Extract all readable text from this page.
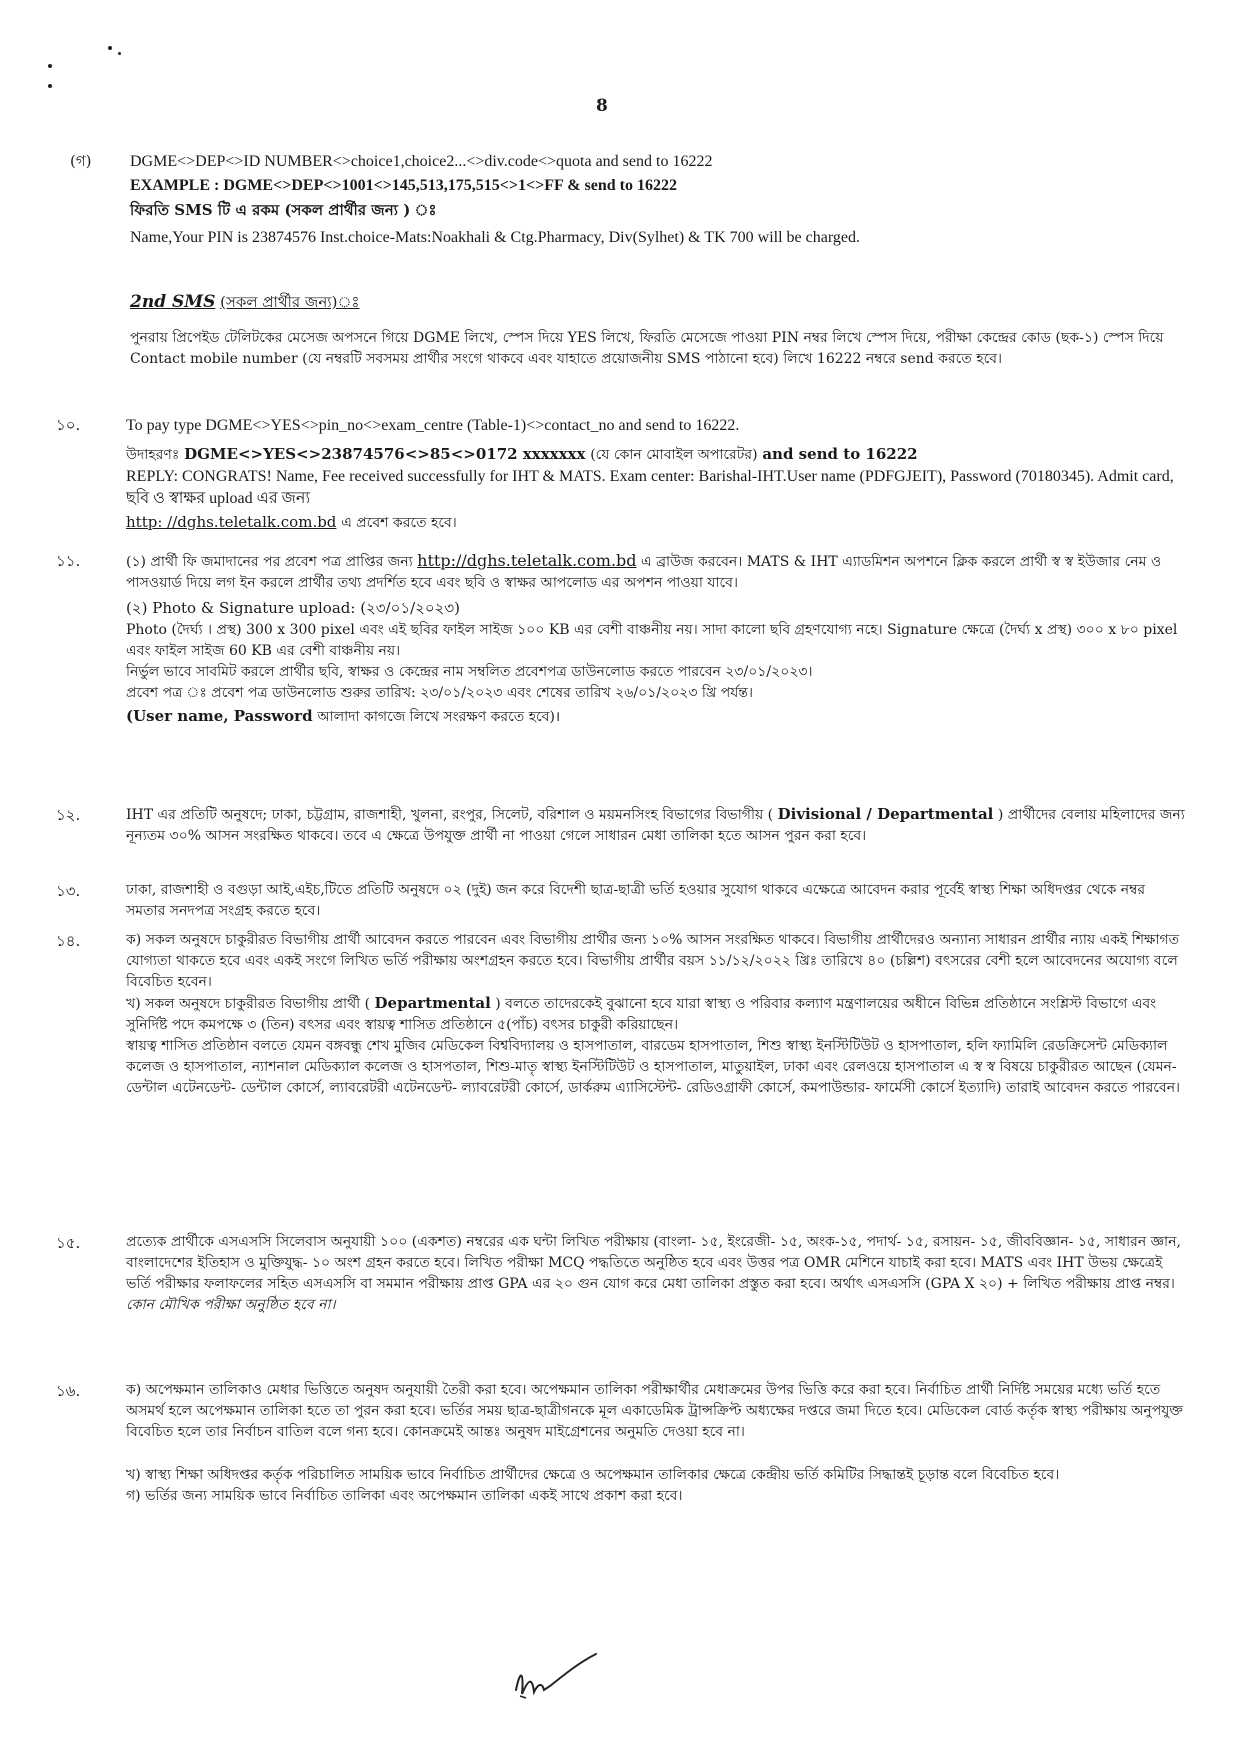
8
(গ) DGME<>DEP<>ID NUMBER<>choice1,choice2...<>div.code<>quota and send to 16222

EXAMPLE : DGME<>DEP<>1001<>145,513,175,515<>1<>FF & send to 16222

ফিরতি SMS টি এ রকম (সকল প্রার্থীর জন্য ) ঃ

Name,Your PIN is 23874576 Inst.choice-Mats:Noakhali & Ctg.Pharmacy, Div(Sylhet) & TK 700 will be charged.

2nd SMS (সকল প্রার্থীর জন্য)ঃ

পুনরায় প্রিপেইড টেলিটকের মেসেজ অপসনে গিয়ে DGME লিখে, স্পেস দিয়ে YES লিখে, ফিরতি মেসেজে পাওয়া PIN নম্বর লিখে স্পেস দিয়ে, পরীক্ষা কেন্দ্রের কোড (ছক-১) স্পেস দিয়ে Contact mobile number (যে নম্বরটি সবসময় প্রার্থীর সংগে থাকবে এবং যাহাতে প্রয়োজনীয় SMS পাঠানো হবে) লিখে 16222 নম্বরে send করতে হবে।

১০.	To pay type DGME<>YES<>pin_no<>exam_centre (Table-1)<>contact_no and send to 16222.

উদাহরণঃ DGME<>YES<>23874576<>85<>0172 xxxxxxx (যে কোন মোবাইল অপারেটর) and send to 16222

REPLY: CONGRATS! Name, Fee received successfully for IHT & MATS. Exam center: Barishal-IHT.User name (PDFGJEIT), Password (70180345). Admit card, ছবি ও স্বাক্ষর upload এর জন্য

http: //dghs.teletalk.com.bd এ প্রবেশ করতে হবে।

১১.	(১) প্রার্থী ফি জমাদানের পর প্রবেশ পত্র প্রাপ্তির জন্য http://dghs.teletalk.com.bd এ ব্রাউজ করবেন। MATS & IHT এ্যাডমিশন অপশনে ক্লিক করলে প্রার্থী স্ব স্ব ইউজার নেম ও পাসওয়ার্ড দিয়ে লগ ইন করলে প্রার্থীর তথ্য প্রদর্শিত হবে এবং ছবি ও স্বাক্ষর আপলোড এর অপশন পাওয়া যাবে।

(২) Photo & Signature upload: (২৩/০১/২০২৩)

Photo (দৈর্ঘ্য । প্রস্থ) 300 x 300 pixel এবং এই ছবির ফাইল সাইজ ১০০ KB এর বেশী বাঞ্চনীয় নয়। সাদা কালো ছবি গ্রহণযোগ্য নহে। Signature ক্ষেত্রে (দৈর্ঘ্য x প্রস্থ) ৩০০ x ৮০ pixel এবং ফাইল সাইজ 60 KB এর বেশী বাঞ্চনীয় নয়।

নির্ভুল ভাবে সাবমিট করলে প্রার্থীর ছবি, স্বাক্ষর ও কেন্দ্রের নাম সম্বলিত প্রবেশপত্র ডাউনলোড করতে পারবেন ২৩/০১/২০২৩।

প্রবেশ পত্র ঃ প্রবেশ পত্র ডাউনলোড শুরুর তারিখ: ২৩/০১/২০২৩ এবং শেষের তারিখ ২৬/০১/২০২৩ খ্রি পর্যন্ত।

(User name, Password আলাদা কাগজে লিখে সংরক্ষণ করতে হবে)।

১২.	IHT এর প্রতিটি অনুষদে; ঢাকা, চট্টগ্রাম, রাজশাহী, খুলনা, রংপুর, সিলেট, বরিশাল ও ময়মনসিংহ বিভাগের বিভাগীয় ( Divisional / Departmental ) প্রার্থীদের বেলায় মহিলাদের জন্য নূন্যতম ৩০% আসন সংরক্ষিত থাকবে। তবে এ ক্ষেত্রে উপযুক্ত প্রার্থী না পাওয়া গেলে সাধারন মেধা তালিকা হতে আসন পুরন করা হবে।

১৩.	ঢাকা, রাজশাহী ও বগুড়া আই,এইচ,টিতে প্রতিটি অনুষদে ০২ (দুই) জন করে বিদেশী ছাত্র-ছাত্রী ভর্তি হওয়ার সুযোগ থাকবে এক্ষেত্রে আবেদন করার পূর্বেই স্বাস্থ্য শিক্ষা অধিদপ্তর থেকে নম্বর সমতার সনদপত্র সংগ্রহ করতে হবে।

১৪.	ক) সকল অনুষদে চাকুরীরত বিভাগীয় প্রার্থী আবেদন করতে পারবেন এবং বিভাগীয় প্রার্থীর জন্য ১০% আসন সংরক্ষিত থাকবে। বিভাগীয় প্রার্থীদেরও অন্যান্য সাধারন প্রার্থীর ন্যায় একই শিক্ষাগত যোগ্যতা থাকতে হবে এবং একই সংগে লিখিত ভর্তি পরীক্ষায় অংশগ্রহন করতে হবে। বিভাগীয় প্রার্থীর বয়স ১১/১২/২০২২ খ্রিঃ তারিখে ৪০ (চল্লিশ) বৎসরের বেশী হলে আবেদনের অযোগ্য বলে বিবেচিত হবেন।

খ) সকল অনুষদে চাকুরীরত বিভাগীয় প্রার্থী ( Departmental ) বলতে তাদেরকেই বুঝানো হবে যারা স্বাস্থ্য ও পরিবার কল্যাণ মন্ত্রণালয়ের অধীনে বিভিন্ন প্রতিষ্ঠানে সংশ্লিস্ট বিভাগে এবং সুনির্দিষ্ট পদে কমপক্ষে ৩ (তিন) বৎসর এবং স্বায়ত্ব শাসিত প্রতিষ্ঠানে ৫(পাঁচ) বৎসর চাকুরী করিয়াছেন।

স্বায়ত্ব শাসিত প্রতিষ্ঠান বলতে যেমন বঙ্গবন্ধু শেখ মুজিব মেডিকেল বিশ্ববিদ্যালয় ও হাসপাতাল, বারডেম হাসপাতাল, শিশু স্বাস্থ্য ইনস্টিটিউট ও হাসপাতাল, হলি ফ্যামিলি রেডক্রিসেন্ট মেডিক্যাল কলেজ ও হাসপাতাল, ন্যাশনাল মেডিক্যাল কলেজ ও হাসপতাল, শিশু-মাতৃ স্বাস্থ্য ইনস্টিটিউট ও হাসপাতাল, মাতুয়াইল, ঢাকা এবং রেলওয়ে হাসপাতাল এ স্ব স্ব বিষয়ে চাকুরীরত আছেন (যেমন- ডেন্টাল এটেনডেন্ট- ডেন্টাল কোর্সে, ল্যাবরেটরী এটেনডেন্ট- ল্যাবরেটরী কোর্সে, ডার্করুম এ্যাসিস্টেন্ট- রেডিওগ্রাফী কোর্সে, কমপাউন্ডার- ফার্মেসী কোর্সে ইত্যাদি) তারাই আবেদন করতে পারবেন।

১৫.	প্রত্যেক প্রার্থীকে এসএসসি সিলেবাস অনুযায়ী ১০০ (একশত) নম্বরের এক ঘন্টা লিখিত পরীক্ষায় (বাংলা- ১৫, ইংরেজী- ১৫, অংক-১৫, পদার্থ- ১৫, রসায়ন- ১৫, জীববিজ্ঞান- ১৫, সাধারন জ্ঞান, বাংলাদেশের ইতিহাস ও মুক্তিযুদ্ধ- ১০ অংশ গ্রহন করতে হবে। লিখিত পরীক্ষা MCQ পদ্ধতিতে অনুষ্ঠিত হবে এবং উত্তর পত্র OMR মেশিনে যাচাই করা হবে। MATS এবং IHT উভয় ক্ষেত্রেই ভর্তি পরীক্ষার ফলাফলের সহিত এসএসসি বা সমমান পরীক্ষায় প্রাপ্ত GPA এর ২০ গুন যোগ করে মেধা তালিকা প্রস্তুত করা হবে। অর্থাৎ এসএসসি (GPA X ২০) + লিখিত পরীক্ষায় প্রাপ্ত নম্বর। কোন মৌখিক পরীক্ষা অনুষ্ঠিত হবে না।

১৬.	ক) অপেক্ষমান তালিকাও মেধার ভিত্তিতে অনুষদ অনুযায়ী তৈরী করা হবে। অপেক্ষমান তালিকা পরীক্ষার্থীর মেধাক্রমের উপর ভিত্তি করে করা হবে। নির্বাচিত প্রার্থী নির্দিষ্ট সময়ের মধ্যে ভর্তি হতে অসমর্থ হলে অপেক্ষমান তালিকা হতে তা পুরন করা হবে। ভর্তির সময় ছাত্র-ছাত্রীগনকে মূল একাডেমিক ট্রান্সক্রিপ্ট অধ্যক্ষের দপ্তরে জমা দিতে হবে। মেডিকেল বোর্ড কর্তৃক স্বাস্থ্য পরীক্ষায় অনুপযুক্ত বিবেচিত হলে তার নির্বাচন বাতিল বলে গন্য হবে। কোনক্রমেই আন্তঃ অনুষদ মাইগ্রেশনের অনুমতি দেওয়া হবে না।

খ) স্বাস্থ্য শিক্ষা অধিদপ্তর কর্তৃক পরিচালিত সাময়িক ভাবে নির্বাচিত প্রার্থীদের ক্ষেত্রে ও অপেক্ষমান তালিকার ক্ষেত্রে কেন্দ্রীয় ভর্তি কমিটির সিদ্ধান্তই চূড়ান্ত বলে বিবেচিত হবে।

গ) ভর্তির জন্য সাময়িক ভাবে নির্বাচিত তালিকা এবং অপেক্ষমান তালিকা একই সাথে প্রকাশ করা হবে।
